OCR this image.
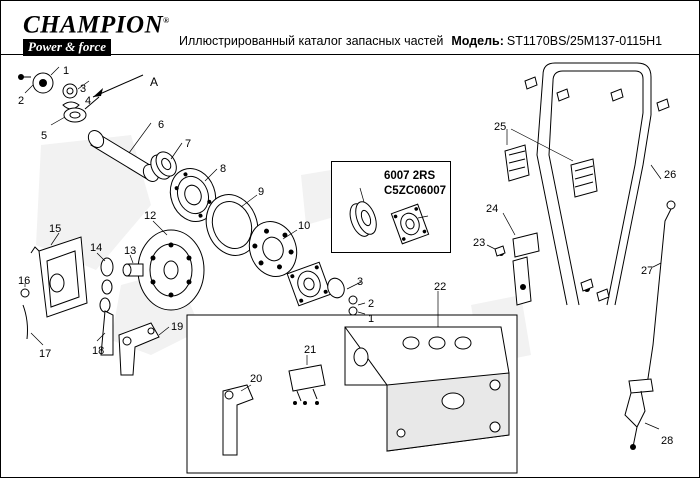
CHAMPION®
Power & force	Иллюстрированный каталог запасных частей Модель: ST1170BS/25M137-0115H1
1
2
3
4
5
6
7
8
9
10
12
13
14
15
16
17	18
19
20
21
22
23
24
25
26
27
28
1
2
3
A
6007 2RS
C5ZC06007
